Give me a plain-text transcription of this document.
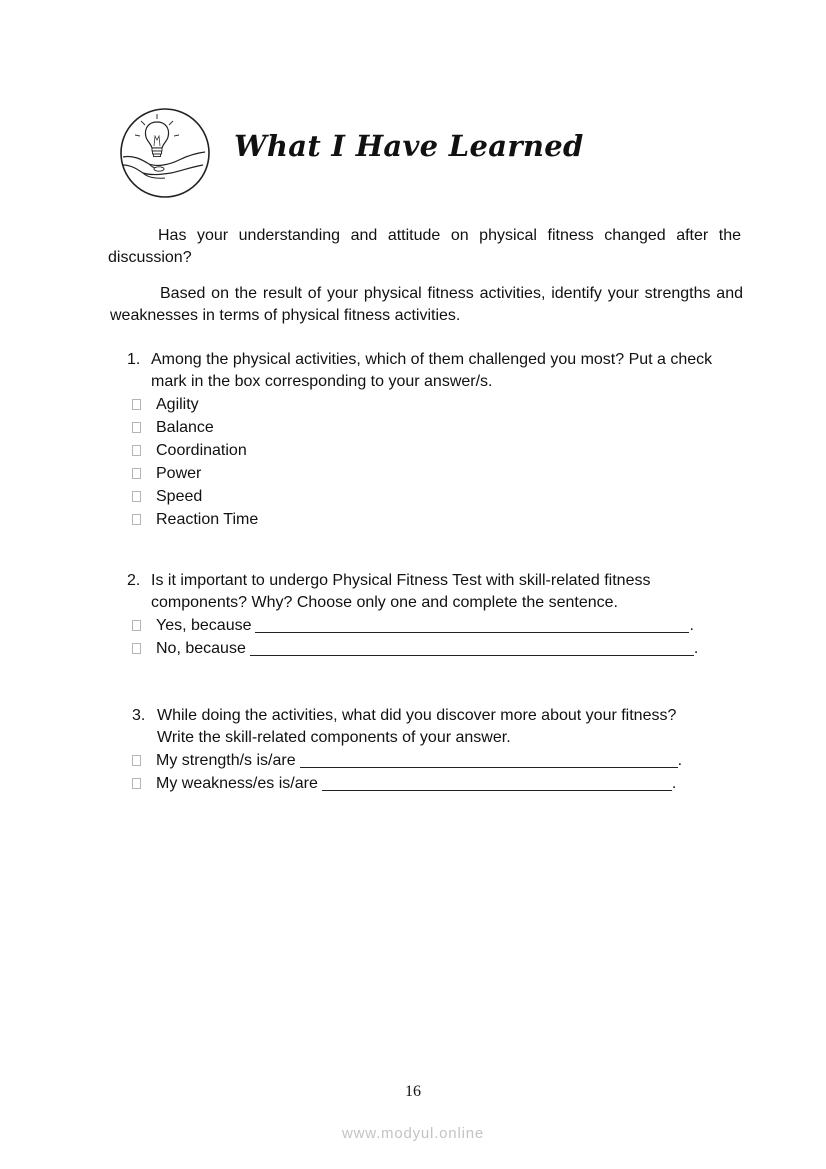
What I Have Learned
Has your understanding and attitude on physical fitness changed after the discussion?
Based on the result of your physical fitness activities, identify your strengths and weaknesses in terms of physical fitness activities.
1. Among the physical activities, which of them challenged you most? Put a check mark in the box corresponding to your answer/s.
Agility
Balance
Coordination
Power
Speed
Reaction Time
2. Is it important to undergo Physical Fitness Test with skill-related fitness components? Why? Choose only one and complete the sentence.
Yes, because	.
No, because	.
3. While doing the activities, what did you discover more about your fitness? Write the skill-related components of your answer.
My strength/s is/are	.
My weakness/es is/are	.
16
www.modyul.online
